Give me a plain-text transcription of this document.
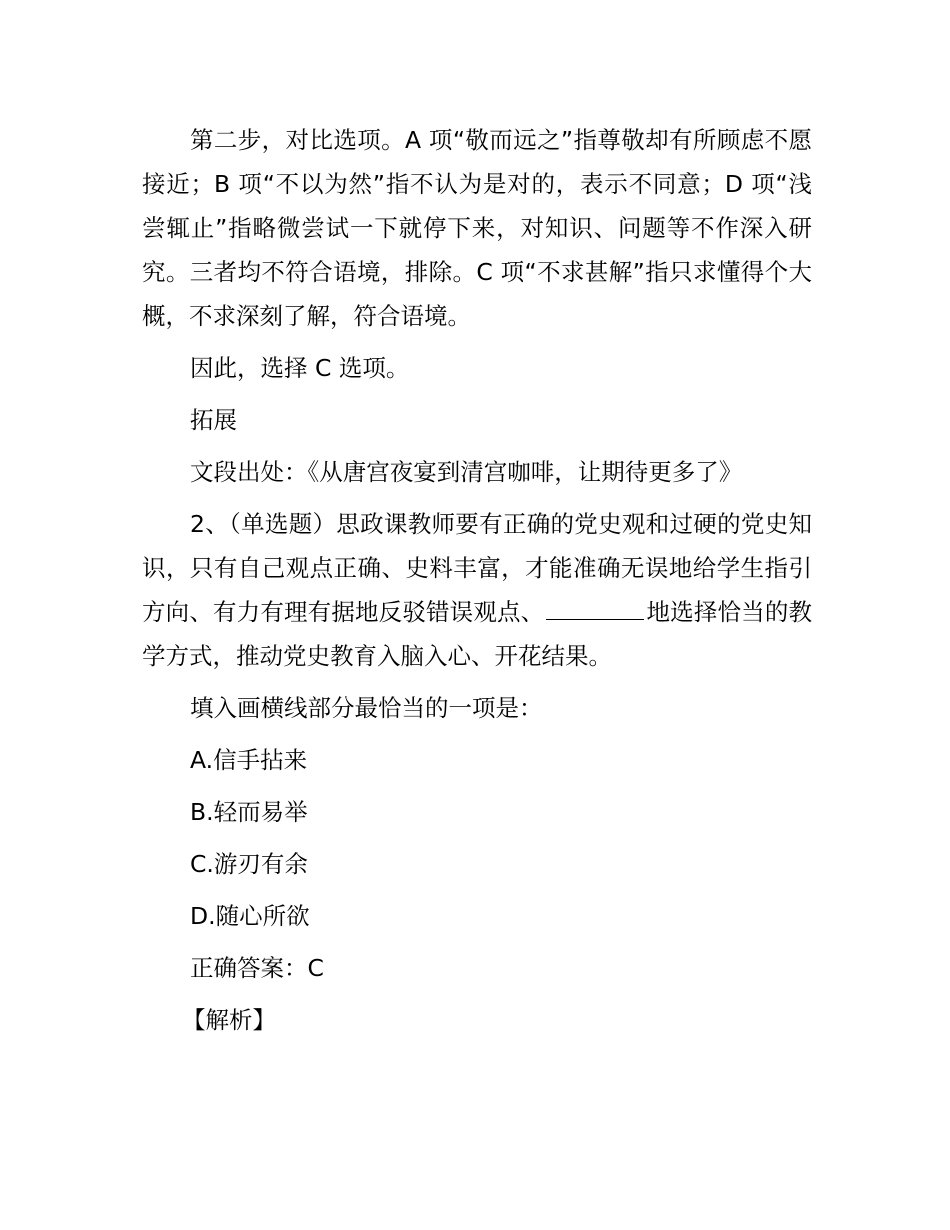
第二步，对比选项。A 项“敬而远之”指尊敬却有所顾虑不愿接近；B 项“不以为然”指不认为是对的，表示不同意；D 项“浅尝辄止”指略微尝试一下就停下来，对知识、问题等不作深入研究。三者均不符合语境，排除。C 项“不求甚解”指只求懂得个大概，不求深刻了解，符合语境。

因此，选择 C 选项。

拓展

文段出处：《从唐宫夜宴到清宫咖啡，让期待更多了》

2、（单选题）思政课教师要有正确的党史观和过硬的党史知识，只有自己观点正确、史料丰富，才能准确无误地给学生指引方向、有力有理有据地反驳错误观点、	地选择恰当的教学方式，推动党史教育入脑入心、开花结果。

填入画横线部分最恰当的一项是：

A.信手拈来

B.轻而易举

C.游刃有余

D.随心所欲

正确答案：C

【解析】
